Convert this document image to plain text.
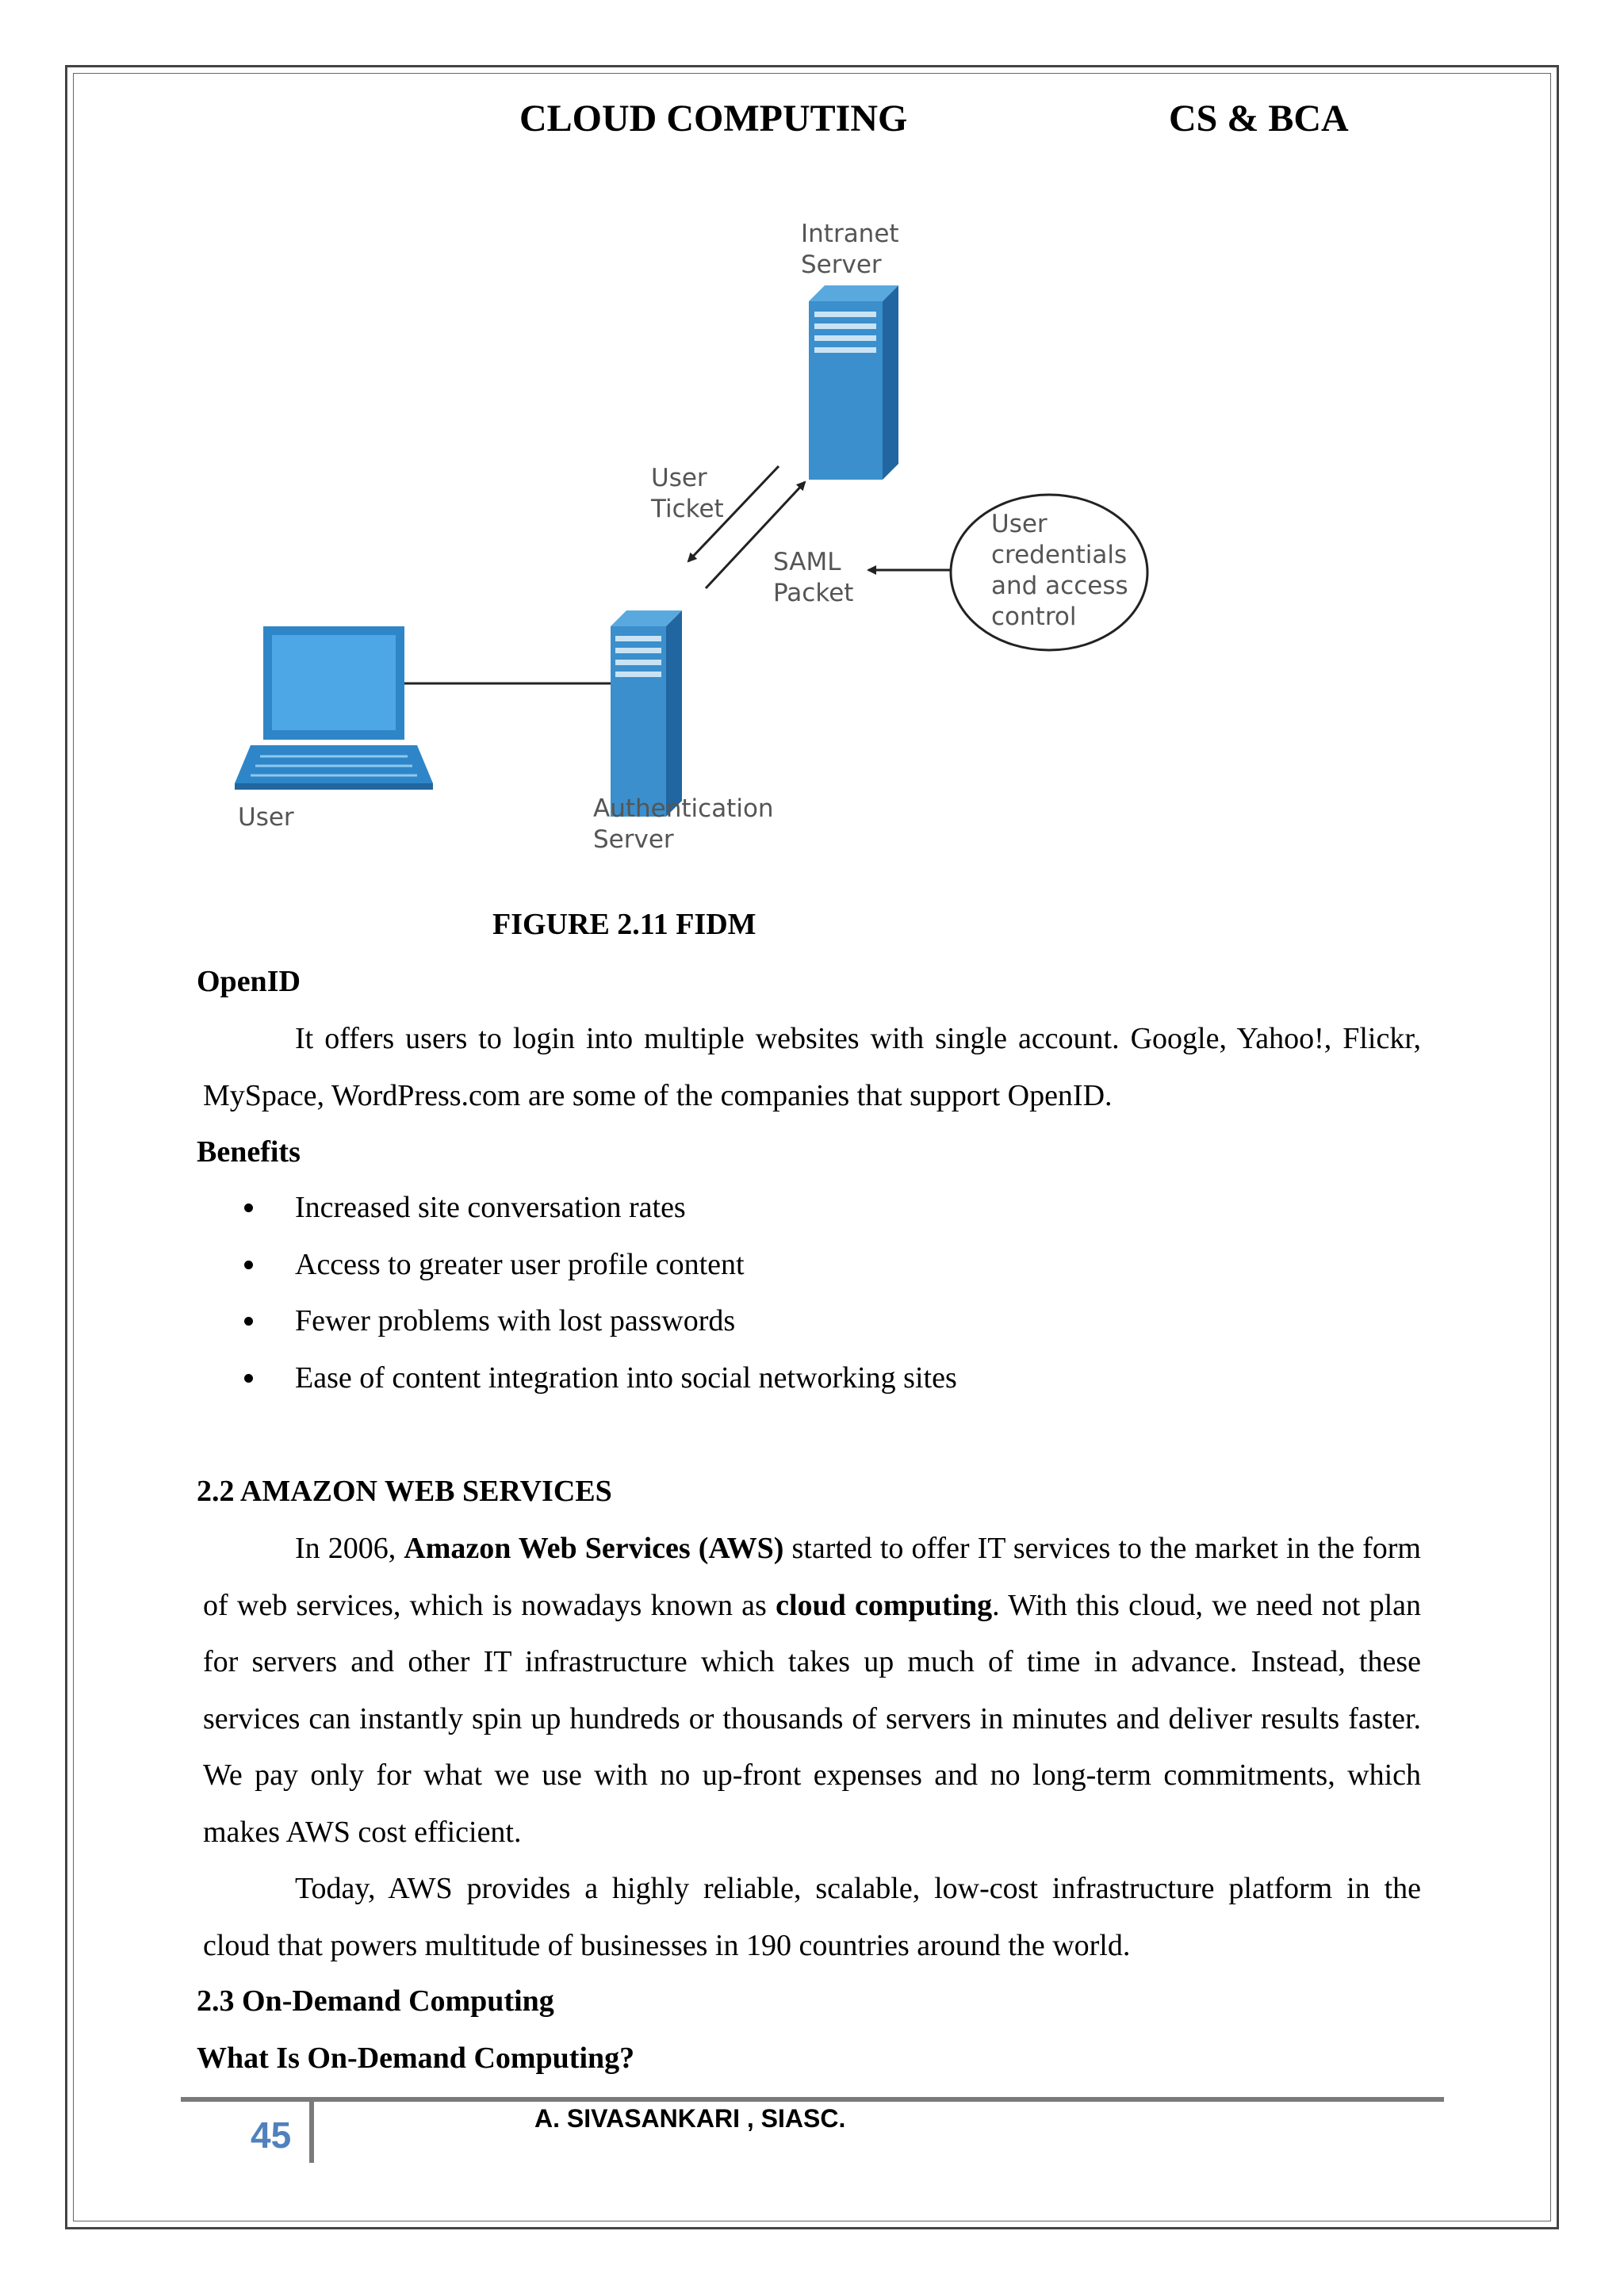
CLOUD COMPUTING	CS & BCA
Intranet
Server
Authentication
Server
User
User
Ticket
SAML
Packet
User
credentials
and access
control
FIGURE 2.11 FIDM
OpenID
It offers users to login into multiple websites with single account. Google, Yahoo!, Flickr, MySpace, WordPress.com are some of the companies that support OpenID.
Benefits
Increased site conversation rates
Access to greater user profile content
Fewer problems with lost passwords
Ease of content integration into social networking sites
2.2 AMAZON WEB SERVICES
In 2006, Amazon Web Services (AWS) started to offer IT services to the market in the form of web services, which is nowadays known as cloud computing. With this cloud, we need not plan for servers and other IT infrastructure which takes up much of time in advance. Instead, these services can instantly spin up hundreds or thousands of servers in minutes and deliver results faster. We pay only for what we use with no up-front expenses and no long-term commitments, which makes AWS cost efficient.
Today, AWS provides a highly reliable, scalable, low-cost infrastructure platform in the cloud that powers multitude of businesses in 190 countries around the world.
2.3 On-Demand Computing
What Is On-Demand Computing?
45	A. SIVASANKARI , SIASC.
